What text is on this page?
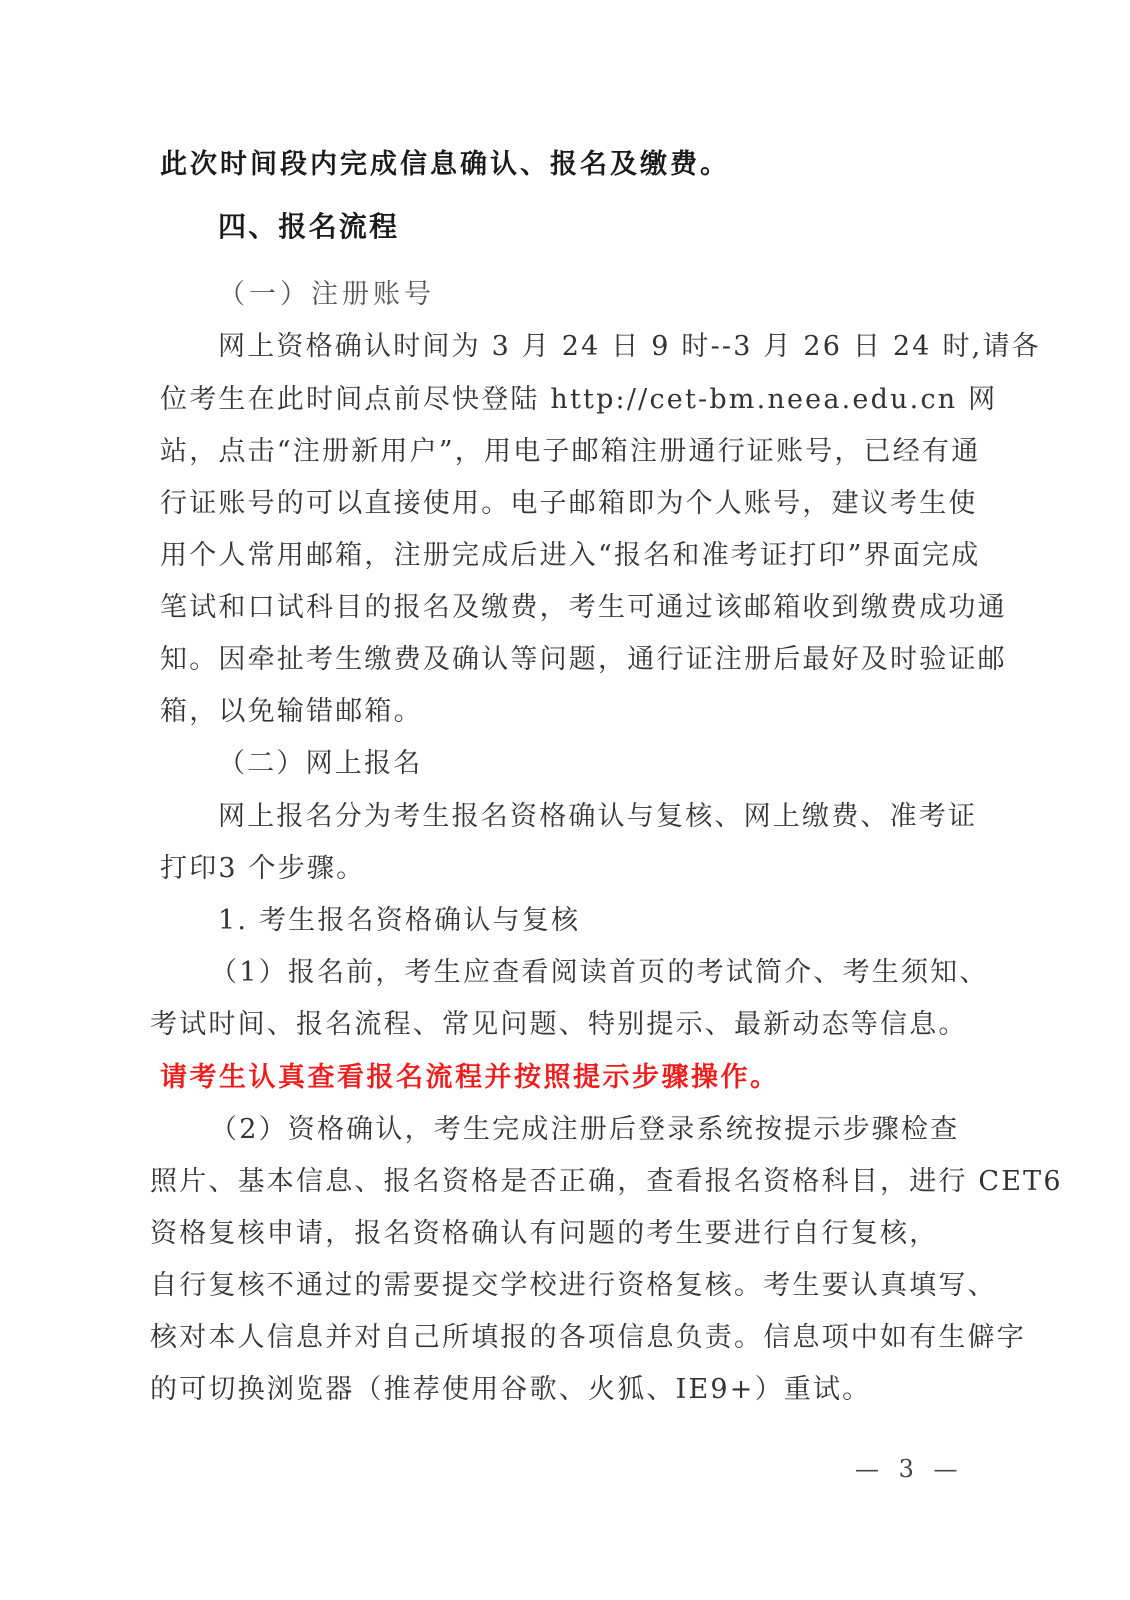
此次时间段内完成信息确认、报名及缴费。
四、报名流程
（一）注册账号
网上资格确认时间为 3 月 24 日 9 时--3 月 26 日 24 时,请各
位考生在此时间点前尽快登陆 http://cet-bm.neea.edu.cn 网
站，点击“注册新用户”，用电子邮箱注册通行证账号，已经有通
行证账号的可以直接使用。电子邮箱即为个人账号，建议考生使
用个人常用邮箱，注册完成后进入“报名和准考证打印”界面完成
笔试和口试科目的报名及缴费，考生可通过该邮箱收到缴费成功通
知。因牵扯考生缴费及确认等问题，通行证注册后最好及时验证邮
箱，以免输错邮箱。
（二）网上报名
网上报名分为考生报名资格确认与复核、网上缴费、准考证
打印3 个步骤。
1. 考生报名资格确认与复核
（1）报名前，考生应查看阅读首页的考试简介、考生须知、
考试时间、报名流程、常见问题、特别提示、最新动态等信息。
请考生认真查看报名流程并按照提示步骤操作。
（2）资格确认，考生完成注册后登录系统按提示步骤检查
照片、基本信息、报名资格是否正确，查看报名资格科目，进行 CET6
资格复核申请，报名资格确认有问题的考生要进行自行复核，
自行复核不通过的需要提交学校进行资格复核。考生要认真填写、
核对本人信息并对自己所填报的各项信息负责。信息项中如有生僻字
的可切换浏览器（推荐使用谷歌、火狐、IE9+）重试。
— 3 —
